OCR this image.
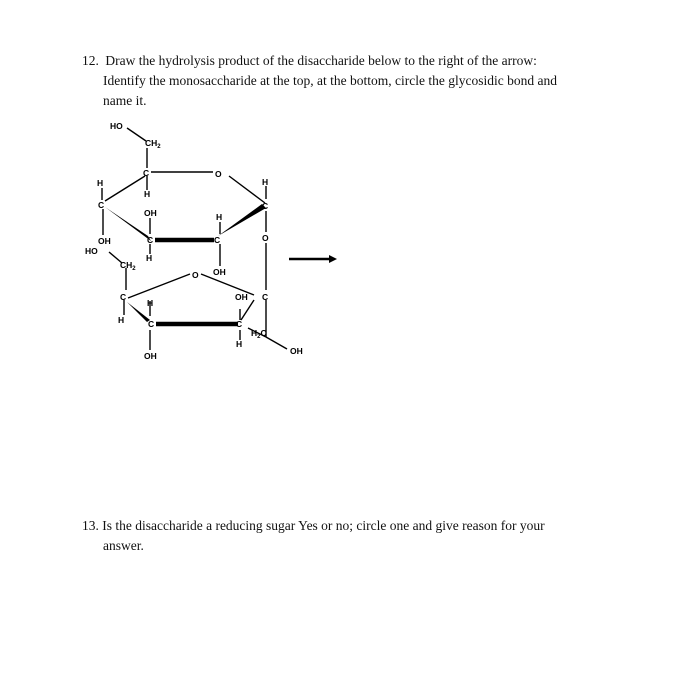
12. Draw the hydrolysis product of the disaccharide below to the right of the arrow:
Identify the monosaccharide at the top, at the bottom, circle the glycosidic bond and
name it.
HO
$CH_2$
C	O
H
C
H
H
C
OH	H
O
C	C
OH
HO
H
OH
$CH_2$
O
OH C
C
H
H	C	C
$H_2C$
H
OH
OH
13. Is the disaccharide a reducing sugar Yes or no; circle one and give reason for your
answer.
